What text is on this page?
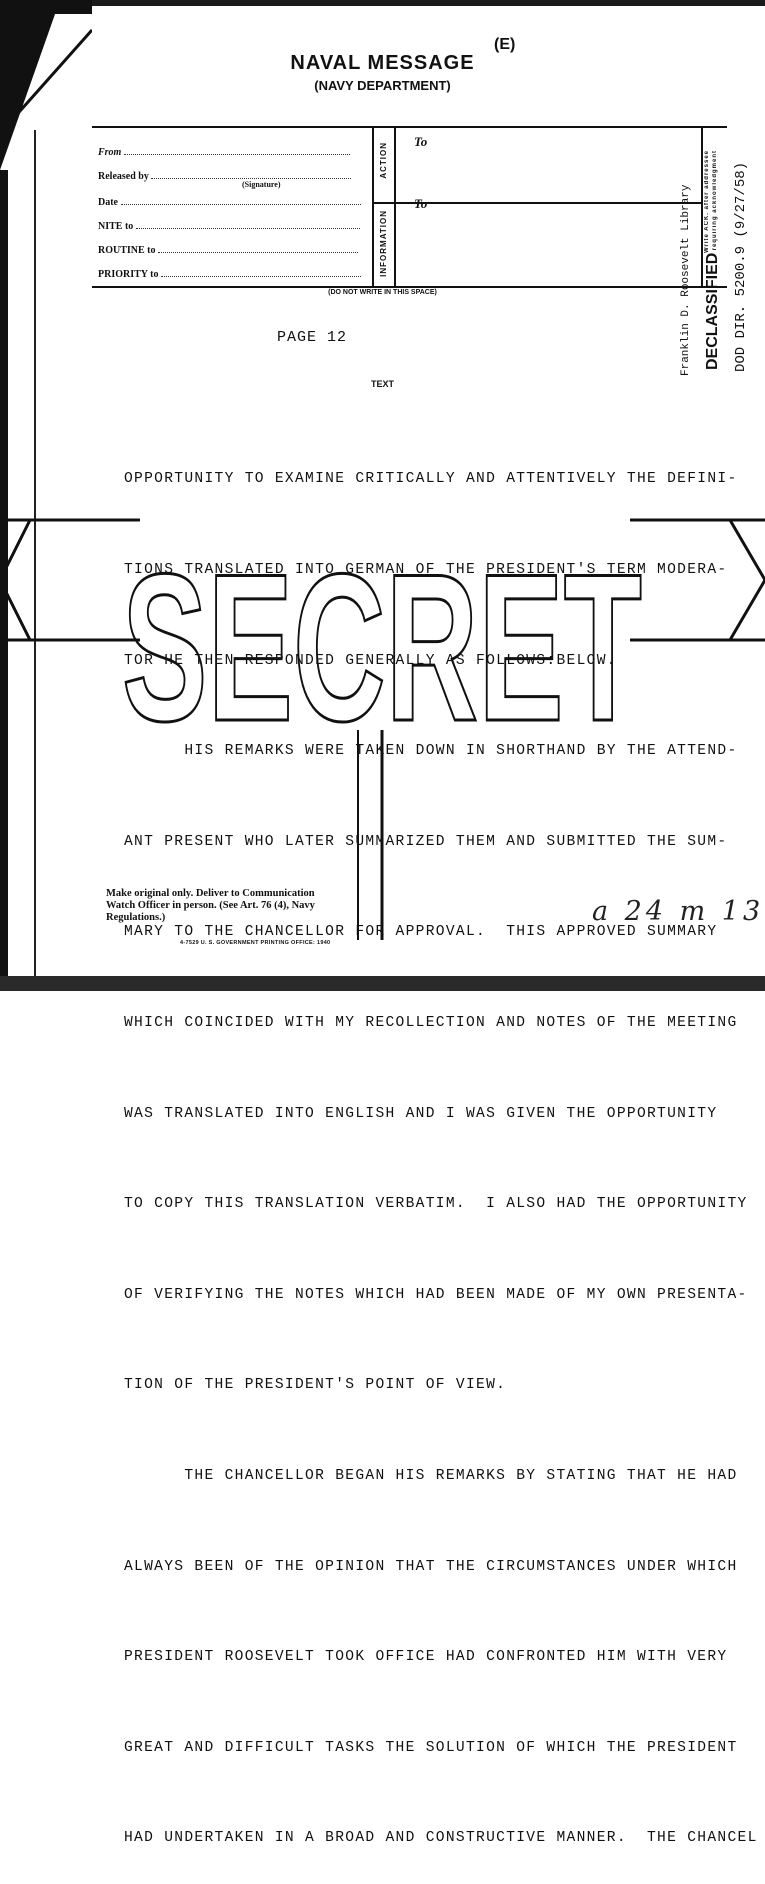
(E)
NAVAL MESSAGE
(NAVY DEPARTMENT)
From
Released by
(Signature)
Date
NITE to
ROUTINE to
PRIORITY to
ACTION
INFORMATION
To
To	Write ACK. after addressee requiring acknowledgment
(DO NOT WRITE IN THIS SPACE)	Franklin D. Roosevelt Library DECLASSIFIED DOD DIR. 5200.9 (9/27/58)
PAGE 12
TEXT

OPPORTUNITY TO EXAMINE CRITICALLY AND ATTENTIVELY THE DEFINI-

TIONS TRANSLATED INTO GERMAN OF THE PRESIDENT'S TERM MODERA-

TOR HE THEN RESPONDED GENERALLY AS FOLLOWS:BELOW.

HIS REMARKS WERE TAKEN DOWN IN SHORTHAND BY THE ATTEND-

ANT PRESENT WHO LATER SUMMARIZED THEM AND SUBMITTED THE SUM-

MARY TO THE CHANCELLOR FOR APPROVAL.  THIS APPROVED SUMMARY

WHICH COINCIDED WITH MY RECOLLECTION AND NOTES OF THE MEETING

WAS TRANSLATED INTO ENGLISH AND I WAS GIVEN THE OPPORTUNITY

TO COPY THIS TRANSLATION VERBATIM.  I ALSO HAD THE OPPORTUNITY

OF VERIFYING THE NOTES WHICH HAD BEEN MADE OF MY OWN PRESENTA-

TION OF THE PRESIDENT'S POINT OF VIEW.

THE CHANCELLOR BEGAN HIS REMARKS BY STATING THAT HE HAD

ALWAYS BEEN OF THE OPINION THAT THE CIRCUMSTANCES UNDER WHICH

PRESIDENT ROOSEVELT TOOK OFFICE HAD CONFRONTED HIM WITH VERY

GREAT AND DIFFICULT TASKS THE SOLUTION OF WHICH THE PRESIDENT

HAD UNDERTAKEN IN A BROAD AND CONSTRUCTIVE MANNER.  THE CHANCEL

SECRET
Make original only. Deliver to Communication Watch Officer in person. (See Art. 76 (4), Navy Regulations.)
4-7529 U. S. GOVERNMENT PRINTING OFFICE: 1940
a 24 m 13
